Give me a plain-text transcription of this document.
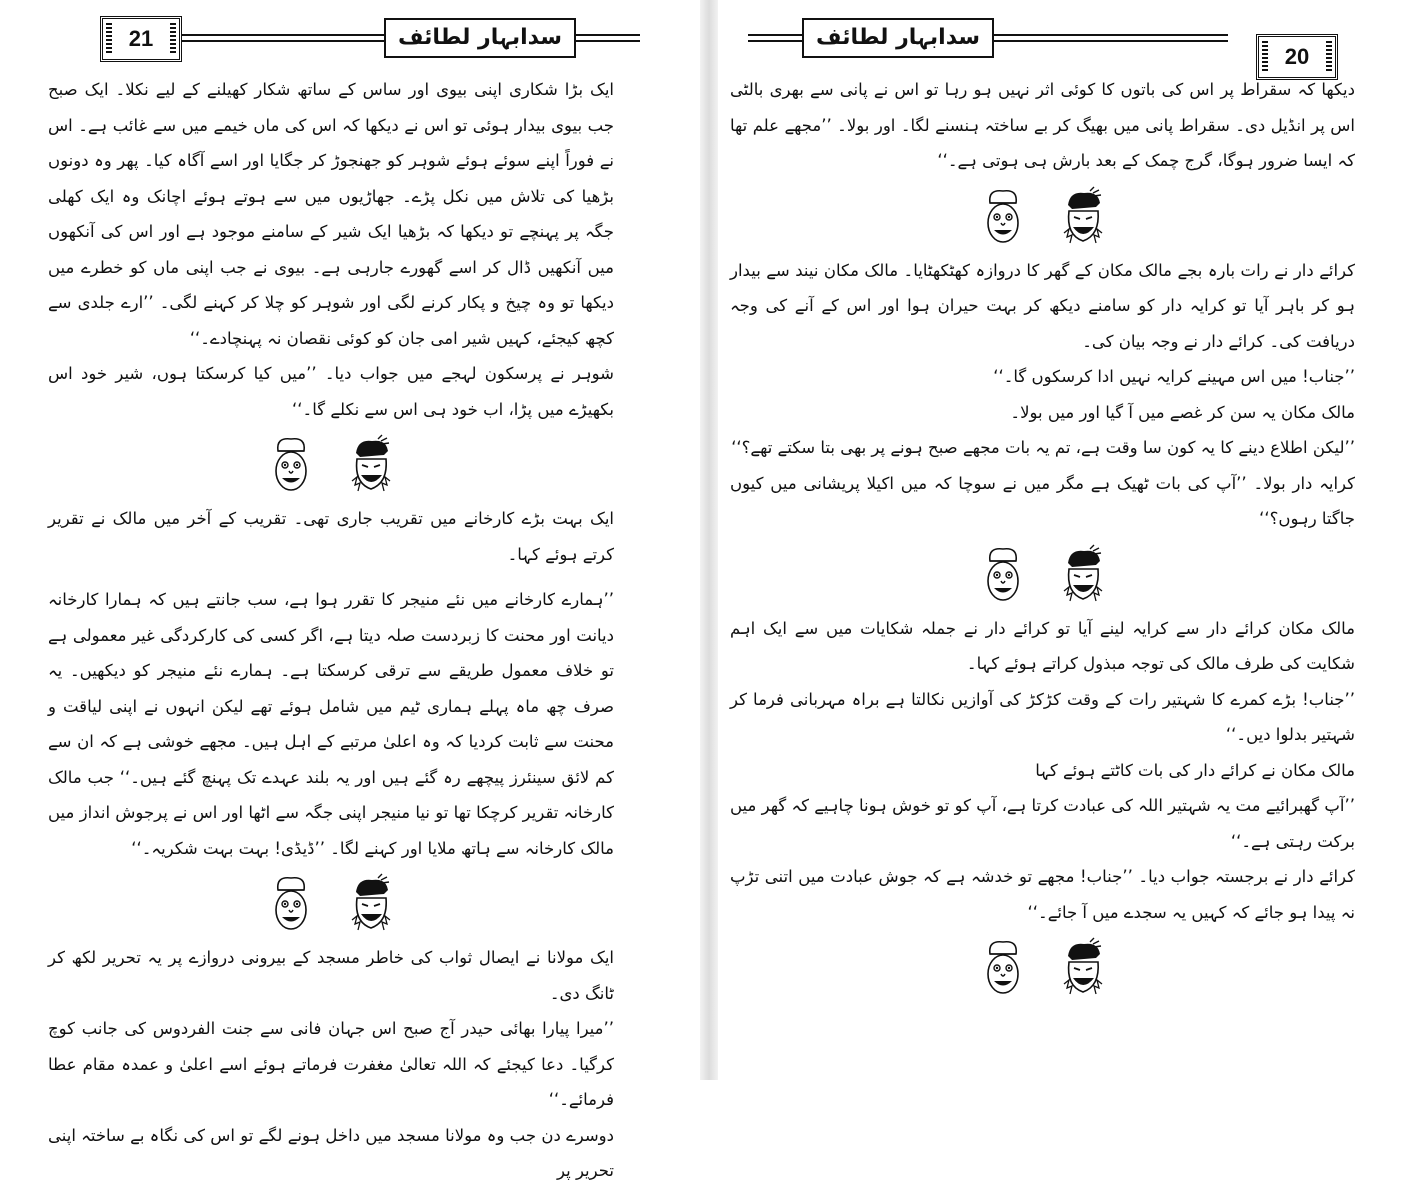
21	سدابہار لطائف

ایک بڑا شکاری اپنی بیوی اور ساس کے ساتھ شکار کھیلنے کے لیے نکلا۔ ایک صبح جب بیوی بیدار ہوئی تو اس نے دیکھا کہ اس کی ماں خیمے میں سے غائب ہے۔ اس نے فوراً اپنے سوئے ہوئے شوہر کو جھنجوڑ کر جگایا اور اسے آگاہ کیا۔ پھر وہ دونوں بڑھیا کی تلاش میں نکل پڑے۔ جھاڑیوں میں سے ہوتے ہوئے اچانک وہ ایک کھلی جگہ پر پہنچے تو دیکھا کہ بڑھیا ایک شیر کے سامنے موجود ہے اور اس کی آنکھوں میں آنکھیں ڈال کر اسے گھورے جارہی ہے۔ بیوی نے جب اپنی ماں کو خطرے میں دیکھا تو وہ چیخ و پکار کرنے لگی اور شوہر کو چلا کر کہنے لگی۔ ’’ارے جلدی سے کچھ کیجئے، کہیں شیر امی جان کو کوئی نقصان نہ پہنچادے۔‘‘

شوہر نے پرسکون لہجے میں جواب دیا۔ ’’میں کیا کرسکتا ہوں، شیر خود اس بکھیڑے میں پڑا، اب خود ہی اس سے نکلے گا۔‘‘

ایک بہت بڑے کارخانے میں تقریب جاری تھی۔ تقریب کے آخر میں مالک نے تقریر کرتے ہوئے کہا۔

’’ہمارے کارخانے میں نئے منیجر کا تقرر ہوا ہے، سب جانتے ہیں کہ ہمارا کارخانہ دیانت اور محنت کا زبردست صلہ دیتا ہے، اگر کسی کی کارکردگی غیر معمولی ہے تو خلاف معمول طریقے سے ترقی کرسکتا ہے۔ ہمارے نئے منیجر کو دیکھیں۔ یہ صرف چھ ماہ پہلے ہماری ٹیم میں شامل ہوئے تھے لیکن انہوں نے اپنی لیاقت و محنت سے ثابت کردیا کہ وہ اعلیٰ مرتبے کے اہل ہیں۔ مجھے خوشی ہے کہ ان سے کم لائق سینئرز پیچھے رہ گئے ہیں اور یہ بلند عہدے تک پہنچ گئے ہیں۔‘‘ جب مالک کارخانہ تقریر کرچکا تھا تو نیا منیجر اپنی جگہ سے اٹھا اور اس نے پرجوش انداز میں مالک کارخانہ سے ہاتھ ملایا اور کہنے لگا۔ ’’ڈیڈی! بہت بہت شکریہ۔‘‘

ایک مولانا نے ایصال ثواب کی خاطر مسجد کے بیرونی دروازے پر یہ تحریر لکھ کر ٹانگ دی۔

’’میرا پیارا بھائی حیدر آج صبح اس جہان فانی سے جنت الفردوس کی جانب کوچ کرگیا۔ دعا کیجئے کہ اللہ تعالیٰ مغفرت فرماتے ہوئے اسے اعلیٰ و عمدہ مقام عطا فرمائے۔‘‘

دوسرے دن جب وہ مولانا مسجد میں داخل ہونے لگے تو اس کی نگاہ بے ساختہ اپنی تحریر پر

سدابہار لطائف
20

دیکھا کہ سقراط پر اس کی باتوں کا کوئی اثر نہیں ہو رہا تو اس نے پانی سے بھری بالٹی اس پر انڈیل دی۔ سقراط پانی میں بھیگ کر بے ساختہ ہنسنے لگا۔ اور بولا۔ ’’مجھے علم تھا کہ ایسا ضرور ہوگا، گرج چمک کے بعد بارش ہی ہوتی ہے۔‘‘

کرائے دار نے رات بارہ بجے مالک مکان کے گھر کا دروازہ کھٹکھٹایا۔ مالک مکان نیند سے بیدار ہو کر باہر آیا تو کرایہ دار کو سامنے دیکھ کر بہت حیران ہوا اور اس کے آنے کی وجہ دریافت کی۔ کرائے دار نے وجہ بیان کی۔

’’جناب! میں اس مہینے کرایہ نہیں ادا کرسکوں گا۔‘‘

مالک مکان یہ سن کر غصے میں آ گیا اور میں بولا۔

’’لیکن اطلاع دینے کا یہ کون سا وقت ہے، تم یہ بات مجھے صبح ہونے پر بھی بتا سکتے تھے؟‘‘

کرایہ دار بولا۔ ’’آپ کی بات ٹھیک ہے مگر میں نے سوچا کہ میں اکیلا پریشانی میں کیوں جاگتا رہوں؟‘‘

مالک مکان کرائے دار سے کرایہ لینے آیا تو کرائے دار نے جملہ شکایات میں سے ایک اہم شکایت کی طرف مالک کی توجہ مبذول کراتے ہوئے کہا۔

’’جناب! بڑے کمرے کا شہتیر رات کے وقت کڑکڑ کی آوازیں نکالتا ہے براہ مہربانی فرما کر شہتیر بدلوا دیں۔‘‘

مالک مکان نے کرائے دار کی بات کاٹتے ہوئے کہا

’’آپ گھبرائیے مت یہ شہتیر اللہ کی عبادت کرتا ہے، آپ کو تو خوش ہونا چاہیے کہ گھر میں برکت رہتی ہے۔‘‘

کرائے دار نے برجستہ جواب دیا۔ ’’جناب! مجھے تو خدشہ ہے کہ جوش عبادت میں اتنی تڑپ نہ پیدا ہو جائے کہ کہیں یہ سجدے میں آ جائے۔‘‘
